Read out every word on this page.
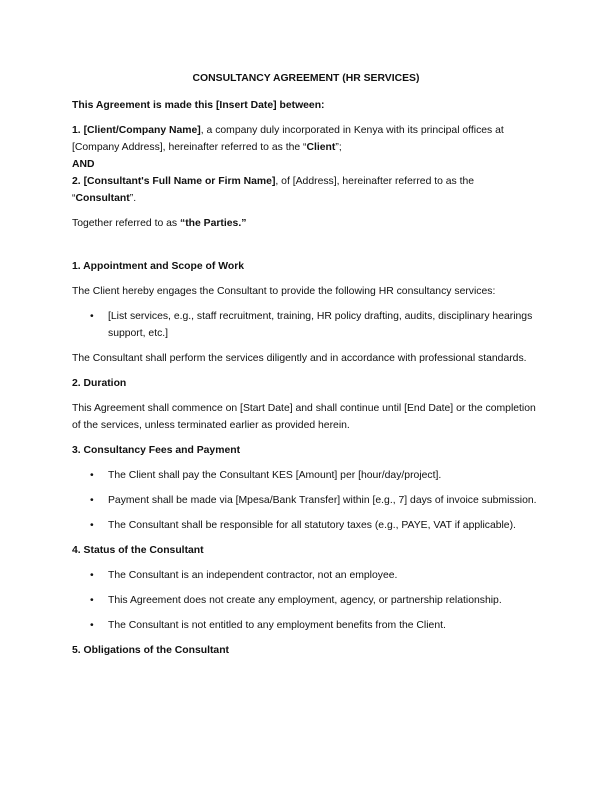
CONSULTANCY AGREEMENT (HR SERVICES)

This Agreement is made this [Insert Date] between:

1. [Client/Company Name], a company duly incorporated in Kenya with its principal offices at [Company Address], hereinafter referred to as the “Client”;

AND

2. [Consultant's Full Name or Firm Name], of [Address], hereinafter referred to as the “Consultant”.

Together referred to as “the Parties.”

1. Appointment and Scope of Work

The Client hereby engages the Consultant to provide the following HR consultancy services:

• [List services, e.g., staff recruitment, training, HR policy drafting, audits, disciplinary hearings support, etc.]

The Consultant shall perform the services diligently and in accordance with professional standards.

2. Duration

This Agreement shall commence on [Start Date] and shall continue until [End Date] or the completion of the services, unless terminated earlier as provided herein.

3. Consultancy Fees and Payment
• The Client shall pay the Consultant KES [Amount] per [hour/day/project].
• Payment shall be made via [Mpesa/Bank Transfer] within [e.g., 7] days of invoice submission.
• The Consultant shall be responsible for all statutory taxes (e.g., PAYE, VAT if applicable).
4. Status of the Consultant
• The Consultant is an independent contractor, not an employee.
• This Agreement does not create any employment, agency, or partnership relationship.
• The Consultant is not entitled to any employment benefits from the Client.
5. Obligations of the Consultant
